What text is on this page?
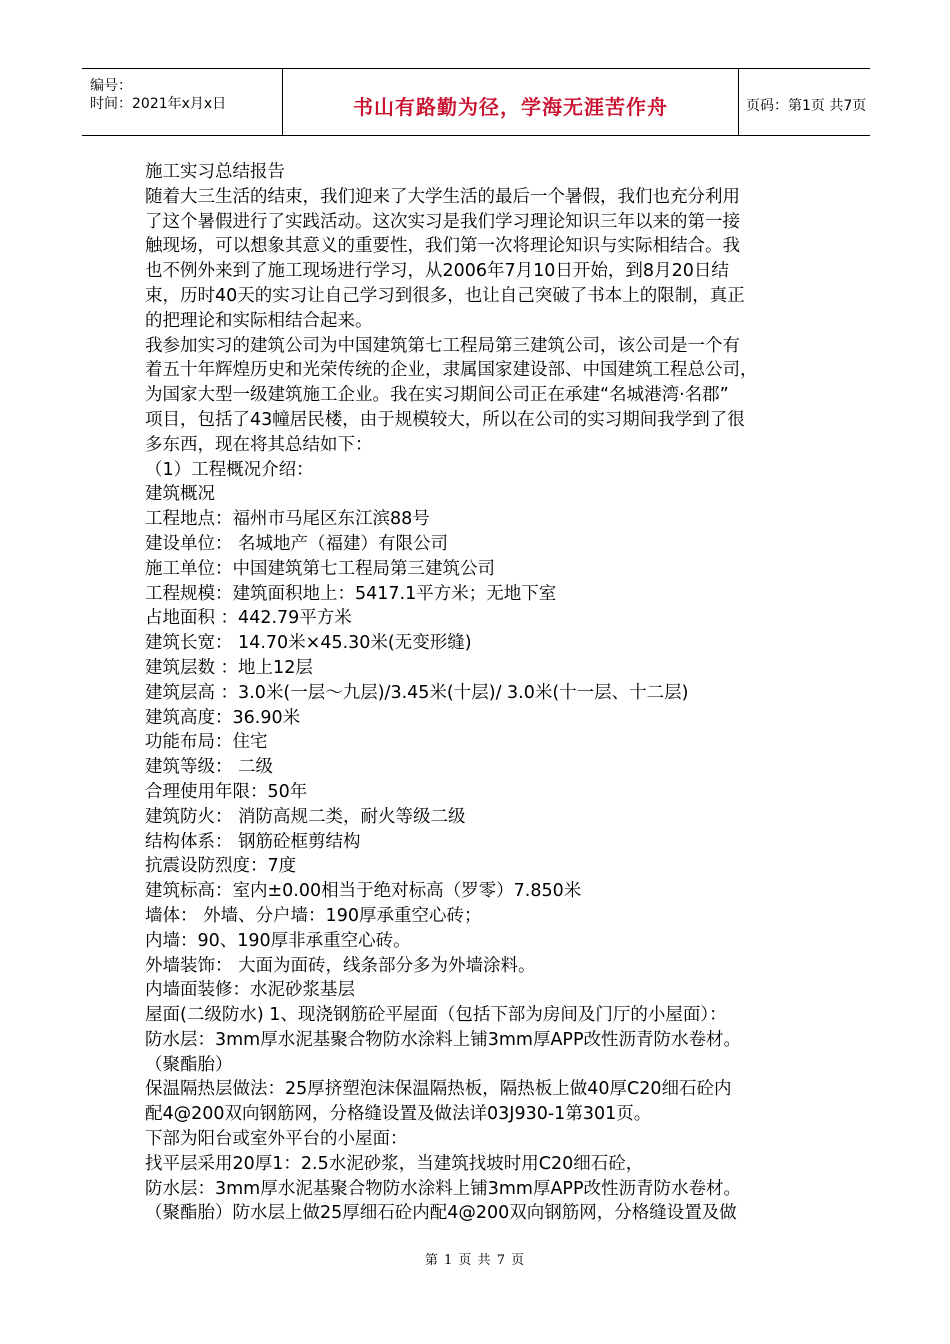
编号：
时间：2021年x月x日	书山有路勤为径，学海无涯苦作舟	页码：第1页 共7页

施工实习总结报告

随着大三生活的结束，我们迎来了大学生活的最后一个暑假，我们也充分利用

了这个暑假进行了实践活动。这次实习是我们学习理论知识三年以来的第一接

触现场，可以想象其意义的重要性，我们第一次将理论知识与实际相结合。我

也不例外来到了施工现场进行学习，从2006年7月10日开始，到8月20日结

束，历时40天的实习让自己学习到很多，也让自己突破了书本上的限制，真正

的把理论和实际相结合起来。

我参加实习的建筑公司为中国建筑第七工程局第三建筑公司，该公司是一个有

着五十年辉煌历史和光荣传统的企业，隶属国家建设部、中国建筑工程总公司，

为国家大型一级建筑施工企业。我在实习期间公司正在承建“名城港湾·名郡”

项目，包括了43幢居民楼，由于规模较大，所以在公司的实习期间我学到了很

多东西，现在将其总结如下：

（1）工程概况介绍：

建筑概况

工程地点：福州市马尾区东江滨88号

建设单位： 名城地产（福建）有限公司

施工单位：中国建筑第七工程局第三建筑公司

工程规模：建筑面积地上：5417.1平方米；无地下室

占地面积 ：442.79平方米

建筑长宽： 14.70米×45.30米(无变形缝)

建筑层数 ：地上12层

建筑层高 ：3.0米(一层～九层)/3.45米(十层)/ 3.0米(十一层、十二层)

建筑高度：36.90米

功能布局：住宅

建筑等级： 二级

合理使用年限：50年

建筑防火： 消防高规二类，耐火等级二级

结构体系： 钢筋砼框剪结构

抗震设防烈度：7度

建筑标高：室内±0.00相当于绝对标高（罗零）7.850米

墙体： 外墙、分户墙：190厚承重空心砖；

内墙：90、190厚非承重空心砖。

外墙装饰： 大面为面砖，线条部分多为外墙涂料。

内墙面装修：水泥砂浆基层

屋面(二级防水) 1、现浇钢筋砼平屋面（包括下部为房间及门厅的小屋面）：

防水层：3mm厚水泥基聚合物防水涂料上铺3mm厚APP改性沥青防水卷材。

（聚酯胎）

保温隔热层做法：25厚挤塑泡沫保温隔热板，隔热板上做40厚C20细石砼内

配4@200双向钢筋网，分格缝设置及做法详03J930-1第301页。

下部为阳台或室外平台的小屋面：

找平层采用20厚1：2.5水泥砂浆，当建筑找坡时用C20细石砼，

防水层：3mm厚水泥基聚合物防水涂料上铺3mm厚APP改性沥青防水卷材。

（聚酯胎）防水层上做25厚细石砼内配4@200双向钢筋网，分格缝设置及做

第 1 页 共 7 页
